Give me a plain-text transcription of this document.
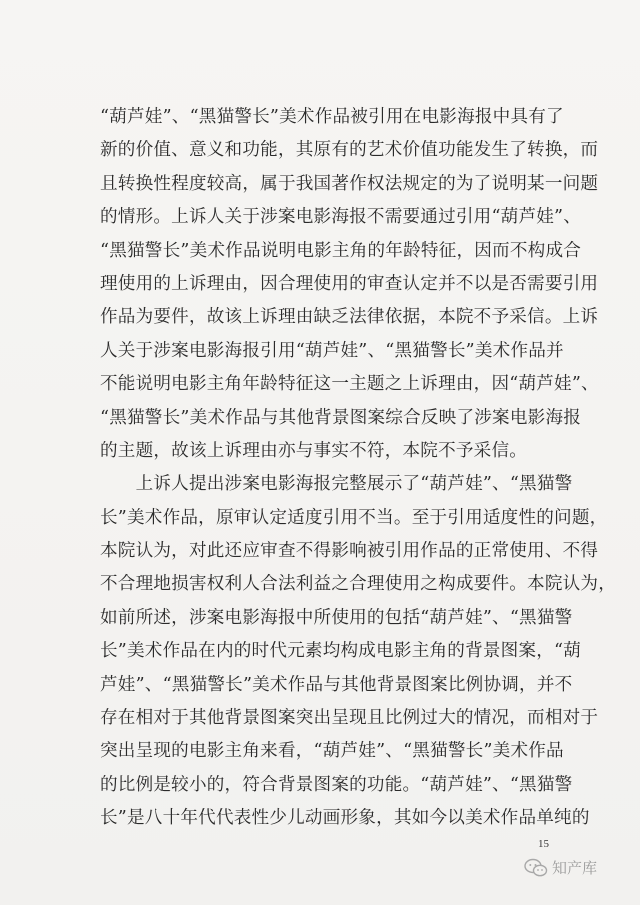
“葫芦娃”、“黑猫警长”美术作品被引用在电影海报中具有了
新的价值、意义和功能，其原有的艺术价值功能发生了转换，而
且转换性程度较高，属于我国著作权法规定的为了说明某一问题
的情形。上诉人关于涉案电影海报不需要通过引用“葫芦娃”、
“黑猫警长”美术作品说明电影主角的年龄特征，因而不构成合
理使用的上诉理由，因合理使用的审查认定并不以是否需要引用
作品为要件，故该上诉理由缺乏法律依据，本院不予采信。上诉
人关于涉案电影海报引用“葫芦娃”、“黑猫警长”美术作品并
不能说明电影主角年龄特征这一主题之上诉理由，因“葫芦娃”、
“黑猫警长”美术作品与其他背景图案综合反映了涉案电影海报
的主题，故该上诉理由亦与事实不符，本院不予采信。
　　上诉人提出涉案电影海报完整展示了“葫芦娃”、“黑猫警
长”美术作品，原审认定适度引用不当。至于引用适度性的问题，
本院认为，对此还应审查不得影响被引用作品的正常使用、不得
不合理地损害权利人合法利益之合理使用之构成要件。本院认为，
如前所述，涉案电影海报中所使用的包括“葫芦娃”、“黑猫警
长”美术作品在内的时代元素均构成电影主角的背景图案，“葫
芦娃”、“黑猫警长”美术作品与其他背景图案比例协调，并不
存在相对于其他背景图案突出呈现且比例过大的情况，而相对于
突出呈现的电影主角来看，“葫芦娃”、“黑猫警长”美术作品
的比例是较小的，符合背景图案的功能。“葫芦娃”、“黑猫警
长”是八十年代代表性少儿动画形象，其如今以美术作品单纯的
15
知产库
